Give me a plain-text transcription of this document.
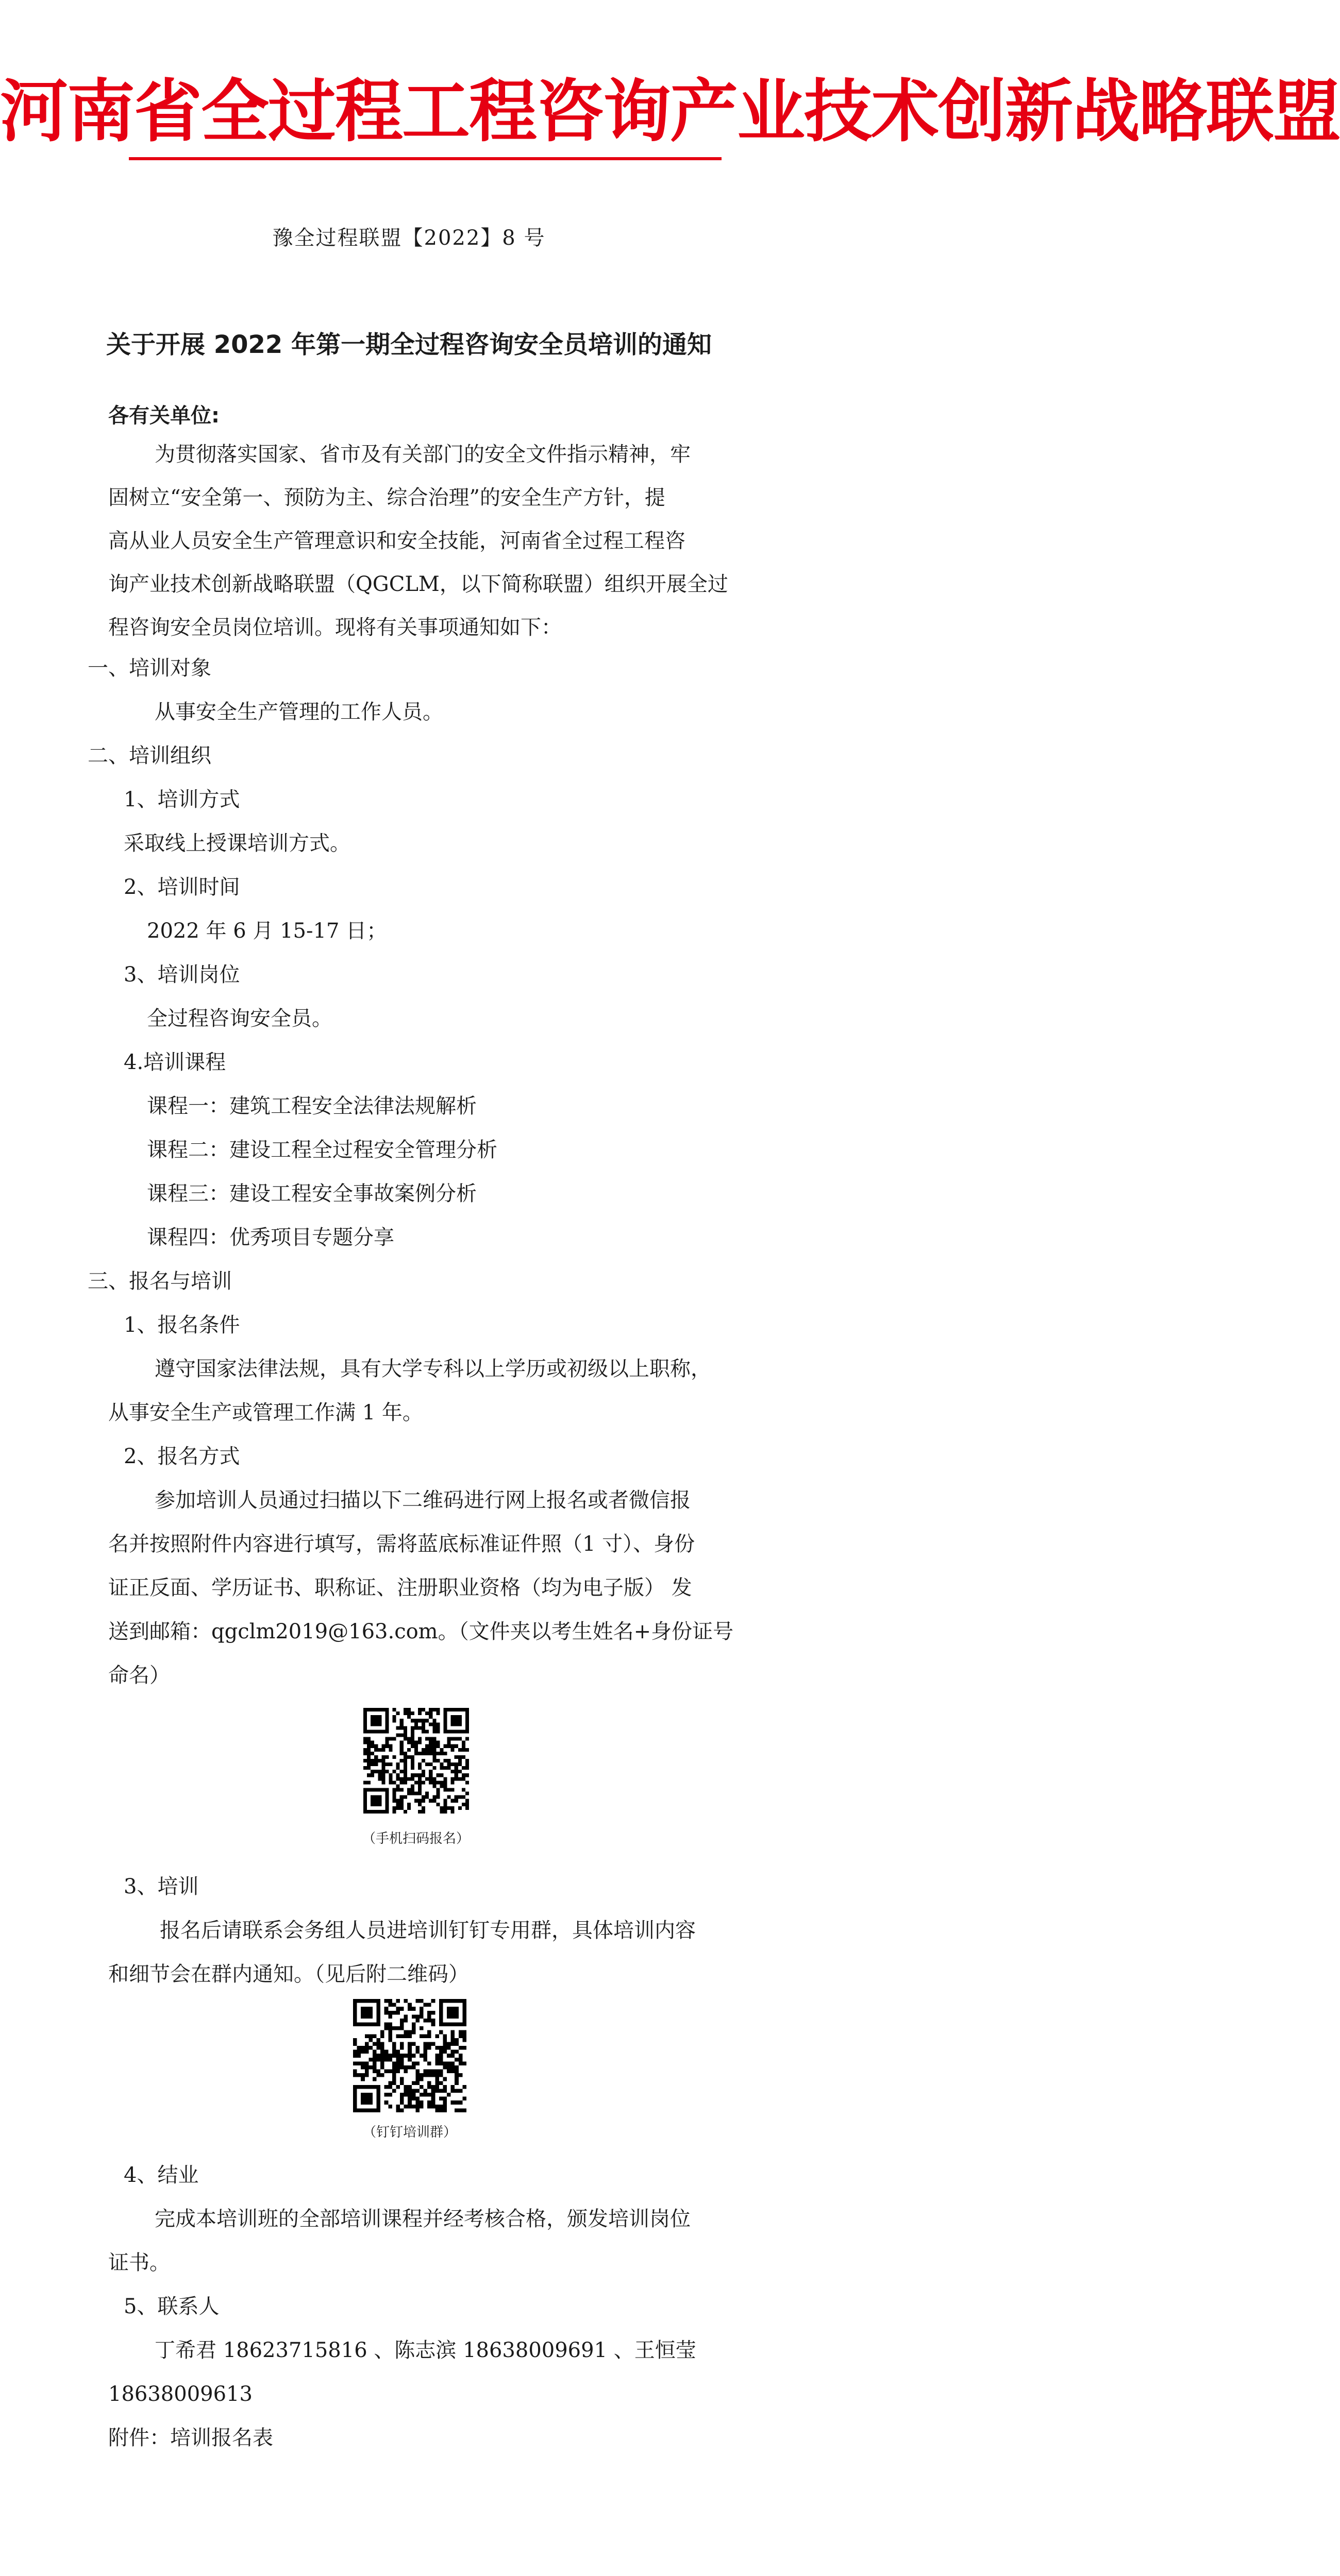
河南省全过程工程咨询产业技术创新战略联盟
豫全过程联盟【2022】8 号
关于开展 2022 年第一期全过程咨询安全员培训的通知
各有关单位:
为贯彻落实国家、省市及有关部门的安全文件指示精神，牢
固树立“安全第一、预防为主、综合治理”的安全生产方针，提
高从业人员安全生产管理意识和安全技能，河南省全过程工程咨
询产业技术创新战略联盟（QGCLM，以下简称联盟）组织开展全过
程咨询安全员岗位培训。现将有关事项通知如下：
一、培训对象
从事安全生产管理的工作人员。
二、培训组织
1、培训方式
采取线上授课培训方式。
2、培训时间
2022 年 6 月 15-17 日；
3、培训岗位
全过程咨询安全员。
4.培训课程
课程一：建筑工程安全法律法规解析
课程二：建设工程全过程安全管理分析
课程三：建设工程安全事故案例分析
课程四：优秀项目专题分享
三、报名与培训
1、报名条件
遵守国家法律法规，具有大学专科以上学历或初级以上职称，
从事安全生产或管理工作满 1 年。
2、报名方式
参加培训人员通过扫描以下二维码进行网上报名或者微信报
名并按照附件内容进行填写，需将蓝底标准证件照（1 寸）、身份
证正反面、学历证书、职称证、注册职业资格（均为电子版） 发
送到邮箱：qgclm2019@163.com。（文件夹以考生姓名+身份证号
命名）
（手机扫码报名）
3、培训
报名后请联系会务组人员进培训钉钉专用群，具体培训内容
和细节会在群内通知。（见后附二维码）
（钉钉培训群）
4、结业
完成本培训班的全部培训课程并经考核合格，颁发培训岗位
证书。
5、联系人
丁希君 18623715816 、陈志滨 18638009691 、王恒莹
18638009613
附件：培训报名表
